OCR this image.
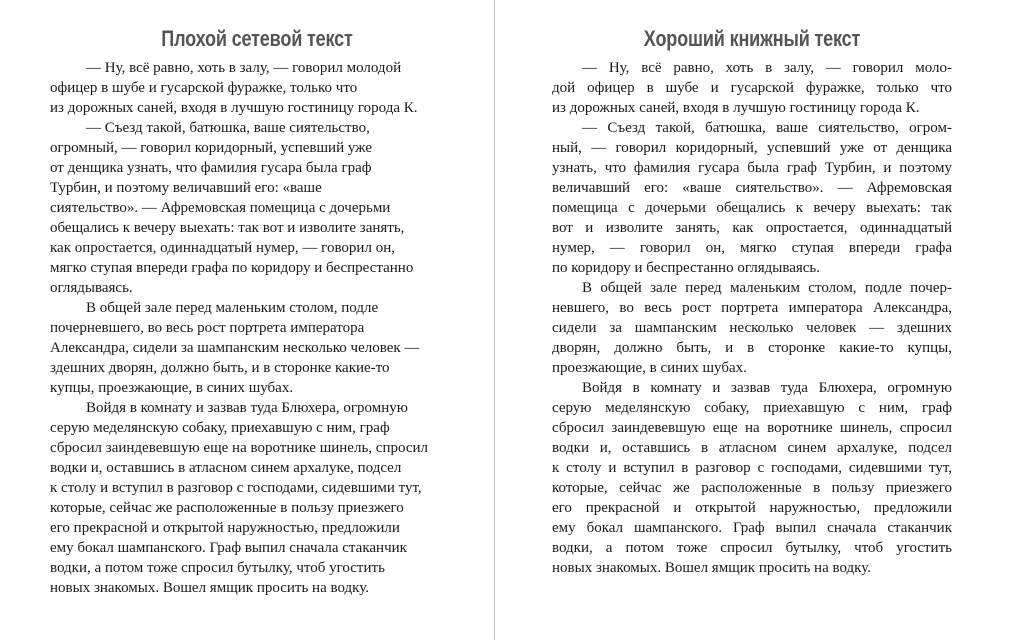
Плохой сетевой текст
— Ну, всё равно, хоть в залу, — говорил молодой
офицер в шубе и гусарской фуражке, только что
из дорожных саней, входя в лучшую гостиницу города К.
— Съезд такой, батюшка, ваше сиятельство,
огромный, — говорил коридорный, успевший уже
от денщика узнать, что фамилия гусара была граф
Турбин, и поэтому величавший его: «ваше
сиятельство». — Афремовская помещица с дочерьми
обещались к вечеру выехать: так вот и изволите занять,
как опростается, одиннадцатый нумер, — говорил он,
мягко ступая впереди графа по коридору и беспрестанно
оглядываясь.
В общей зале перед маленьким столом, подле
почерневшего, во весь рост портрета императора
Александра, сидели за шампанским несколько человек —
здешних дворян, должно быть, и в сторонке какие-то
купцы, проезжающие, в синих шубах.
Войдя в комнату и зазвав туда Блюхера, огромную
серую меделянскую собаку, приехавшую с ним, граф
сбросил заиндевевшую еще на воротнике шинель, спросил
водки и, оставшись в атласном синем архалуке, подсел
к столу и вступил в разговор с господами, сидевшими тут,
которые, сейчас же расположенные в пользу приезжего
его прекрасной и открытой наружностью, предложили
ему бокал шампанского. Граф выпил сначала стаканчик
водки, а потом тоже спросил бутылку, чтоб угостить
новых знакомых. Вошел ямщик просить на водку.
Хороший книжный текст
— Ну, всё равно, хоть в залу, — говорил моло-
дой офицер в шубе и гусарской фуражке, только что
из дорожных саней, входя в лучшую гостиницу города К.
— Съезд такой, батюшка, ваше сиятельство, огром-
ный, — говорил коридорный, успевший уже от денщика
узнать, что фамилия гусара была граф Турбин, и поэтому
величавший его: «ваше сиятельство». — Афремовская
помещица с дочерьми обещались к вечеру выехать: так
вот и изволите занять, как опростается, одиннадцатый
нумер, — говорил он, мягко ступая впереди графа
по коридору и беспрестанно оглядываясь.
В общей зале перед маленьким столом, подле почер-
невшего, во весь рост портрета императора Александра,
сидели за шампанским несколько человек — здешних
дворян, должно быть, и в сторонке какие-то купцы,
проезжающие, в синих шубах.
Войдя в комнату и зазвав туда Блюхера, огромную
серую меделянскую собаку, приехавшую с ним, граф
сбросил заиндевевшую еще на воротнике шинель, спросил
водки и, оставшись в атласном синем архалуке, подсел
к столу и вступил в разговор с господами, сидевшими тут,
которые, сейчас же расположенные в пользу приезжего
его прекрасной и открытой наружностью, предложили
ему бокал шампанского. Граф выпил сначала стаканчик
водки, а потом тоже спросил бутылку, чтоб угостить
новых знакомых. Вошел ямщик просить на водку.
